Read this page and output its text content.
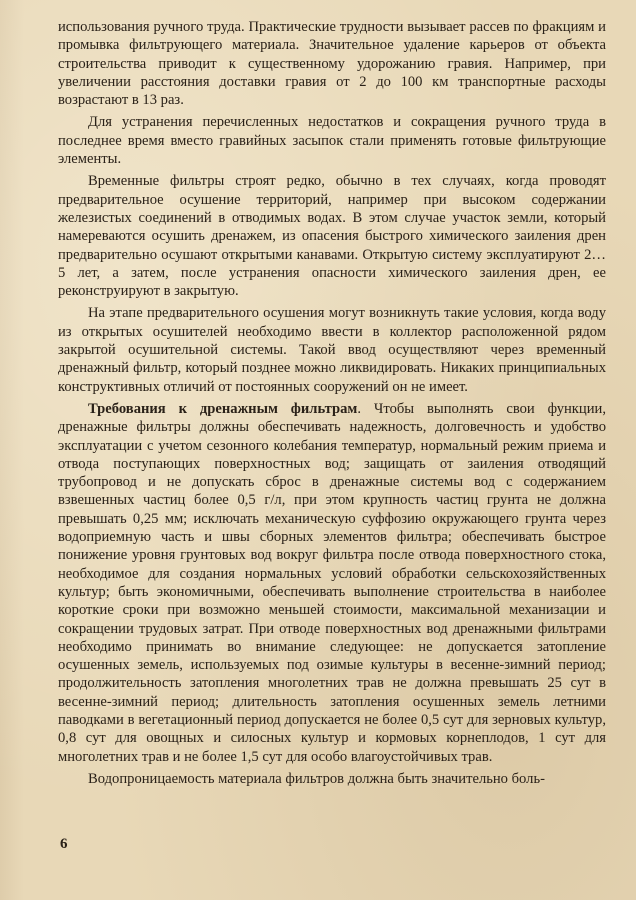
использования ручного труда. Практические трудности вызывает рассев по фракциям и промывка фильтрующего материала. Значительное удаление карьеров от объекта строительства приводит к существенному удорожанию гравия. Например, при увеличении расстояния доставки гравия от 2 до 100 км транспортные расходы возрастают в 13 раз.

Для устранения перечисленных недостатков и сокращения ручного труда в последнее время вместо гравийных засыпок стали применять готовые фильтрующие элементы.

Временные фильтры строят редко, обычно в тех случаях, когда проводят предварительное осушение территорий, например при высоком содержании железистых соединений в отводимых водах. В этом случае участок земли, который намереваются осушить дренажем, из опасения быстрого химического заиления дрен предварительно осушают открытыми канавами. Открытую систему эксплуатируют 2…5 лет, а затем, после устранения опасности химического заиления дрен, ее реконструируют в закрытую.

На этапе предварительного осушения могут возникнуть такие условия, когда воду из открытых осушителей необходимо ввести в коллектор расположенной рядом закрытой осушительной системы. Такой ввод осуществляют через временный дренажный фильтр, который позднее можно ликвидировать. Никаких принципиальных конструктивных отличий от постоянных сооружений он не имеет.

Требования к дренажным фильтрам. Чтобы выполнять свои функции, дренажные фильтры должны обеспечивать надежность, долговечность и удобство эксплуатации с учетом сезонного колебания температур, нормальный режим приема и отвода поступающих поверхностных вод; защищать от заиления отводящий трубопровод и не допускать сброс в дренажные системы вод с содержанием взвешенных частиц более 0,5 г/л, при этом крупность частиц грунта не должна превышать 0,25 мм; исключать механическую суффозию окружающего грунта через водоприемную часть и швы сборных элементов фильтра; обеспечивать быстрое понижение уровня грунтовых вод вокруг фильтра после отвода поверхностного стока, необходимое для создания нормальных условий обработки сельскохозяйственных культур; быть экономичными, обеспечивать выполнение строительства в наиболее короткие сроки при возможно меньшей стоимости, максимальной механизации и сокращении трудовых затрат. При отводе поверхностных вод дренажными фильтрами необходимо принимать во внимание следующее: не допускается затопление осушенных земель, используемых под озимые культуры в весенне-зимний период; продолжительность затопления многолетних трав не должна превышать 25 сут в весенне-зимний период; длительность затопления осушенных земель летними паводками в вегетационный период допускается не более 0,5 сут для зерновых культур, 0,8 сут для овощных и силосных культур и кормовых корнеплодов, 1 сут для многолетних трав и не более 1,5 сут для особо влагоустойчивых трав.

Водопроницаемость материала фильтров должна быть значительно боль-

6
